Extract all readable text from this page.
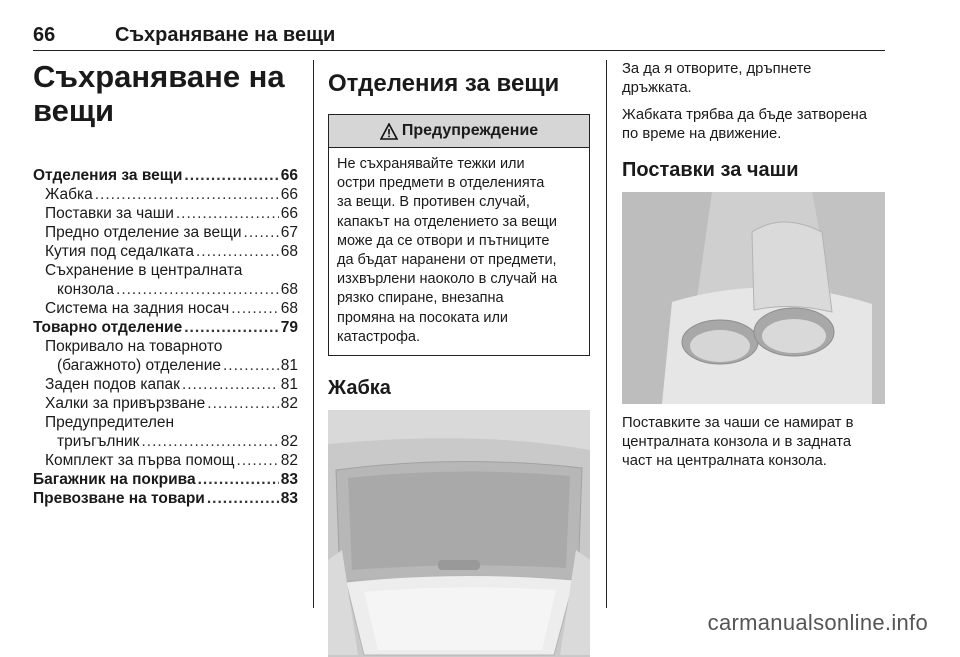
66	Съхраняване на вещи
Съхраняване на вещи
Отделения за вещи .....	66
Жабка .....	66
Поставки за чаши .....	66
Предно отделение за вещи .....	67
Кутия под седалката .....	68
Съхранение в централната
конзола .....	68
Система на задния носач .....	68
Товарно отделение .....	79
Покривало на товарното
(багажното) отделение .....	81
Заден подов капак .....	81
Халки за привързване .....	82
Предупредителен
триъгълник .....	82
Комплект за първа помощ .....	82
Багажник на покрива .....	83
Превозване на товари .....	83
Отделения за вещи
Предупреждение
Не съхранявайте тежки или
остри предмети в отделенията
за вещи. В противен случай,
капакът на отделението за вещи
може да се отвори и пътниците
да бъдат наранени от предмети,
изхвърлени наоколо в случай на
рязко спиране, внезапна
промяна на посоката или
катастрофа.
Жабка
За да я отворите, дръпнете
дръжката.
Жабката трябва да бъде затворена
по време на движение.
Поставки за чаши
Поставките за чаши се намират в
централната конзола и в задната
част на централната конзола.
carmanualsonline.info
